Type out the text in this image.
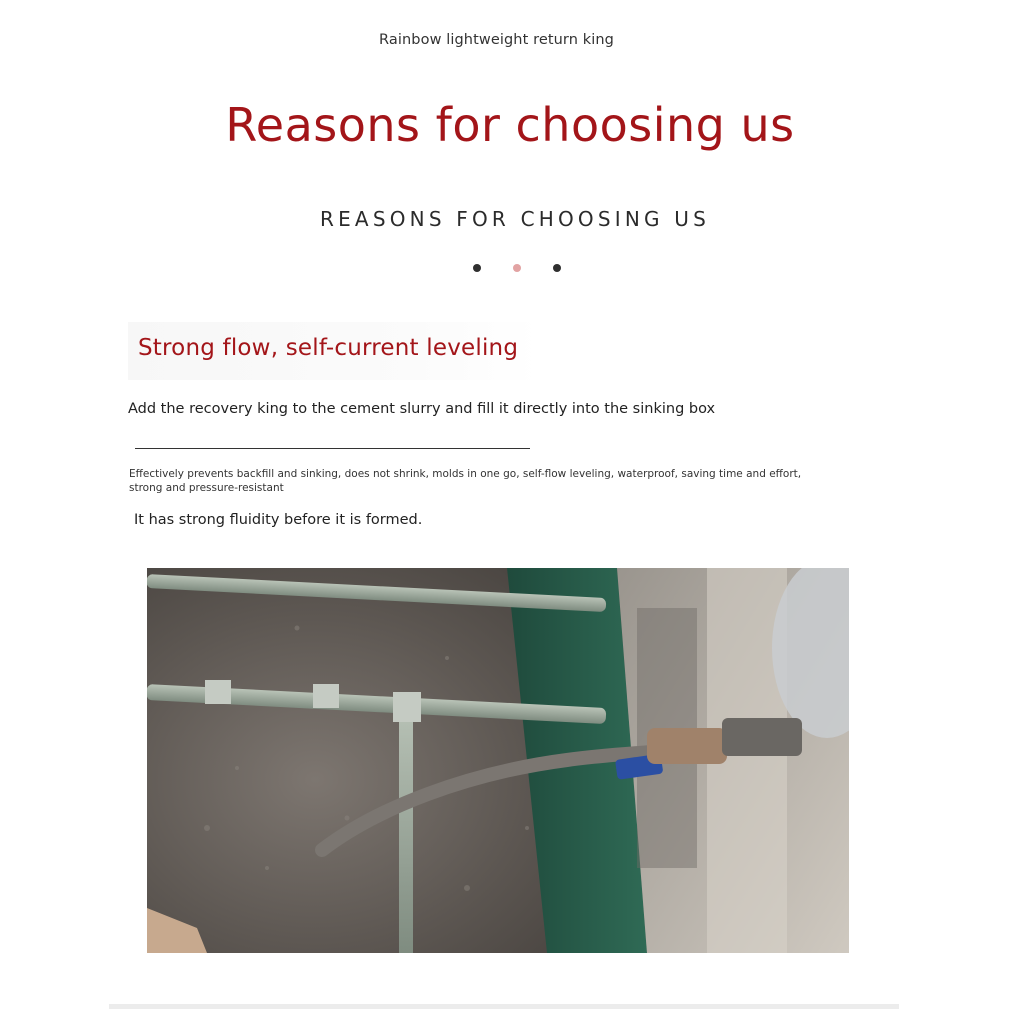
Rainbow lightweight return king
Reasons for choosing us
REASONS FOR CHOOSING US
Strong flow, self-current leveling
Add the recovery king to the cement slurry and fill it directly into the sinking box
Effectively prevents backfill and sinking, does not shrink, molds in one go, self-flow leveling, waterproof, saving time and effort, strong and pressure-resistant
It has strong fluidity before it is formed.
